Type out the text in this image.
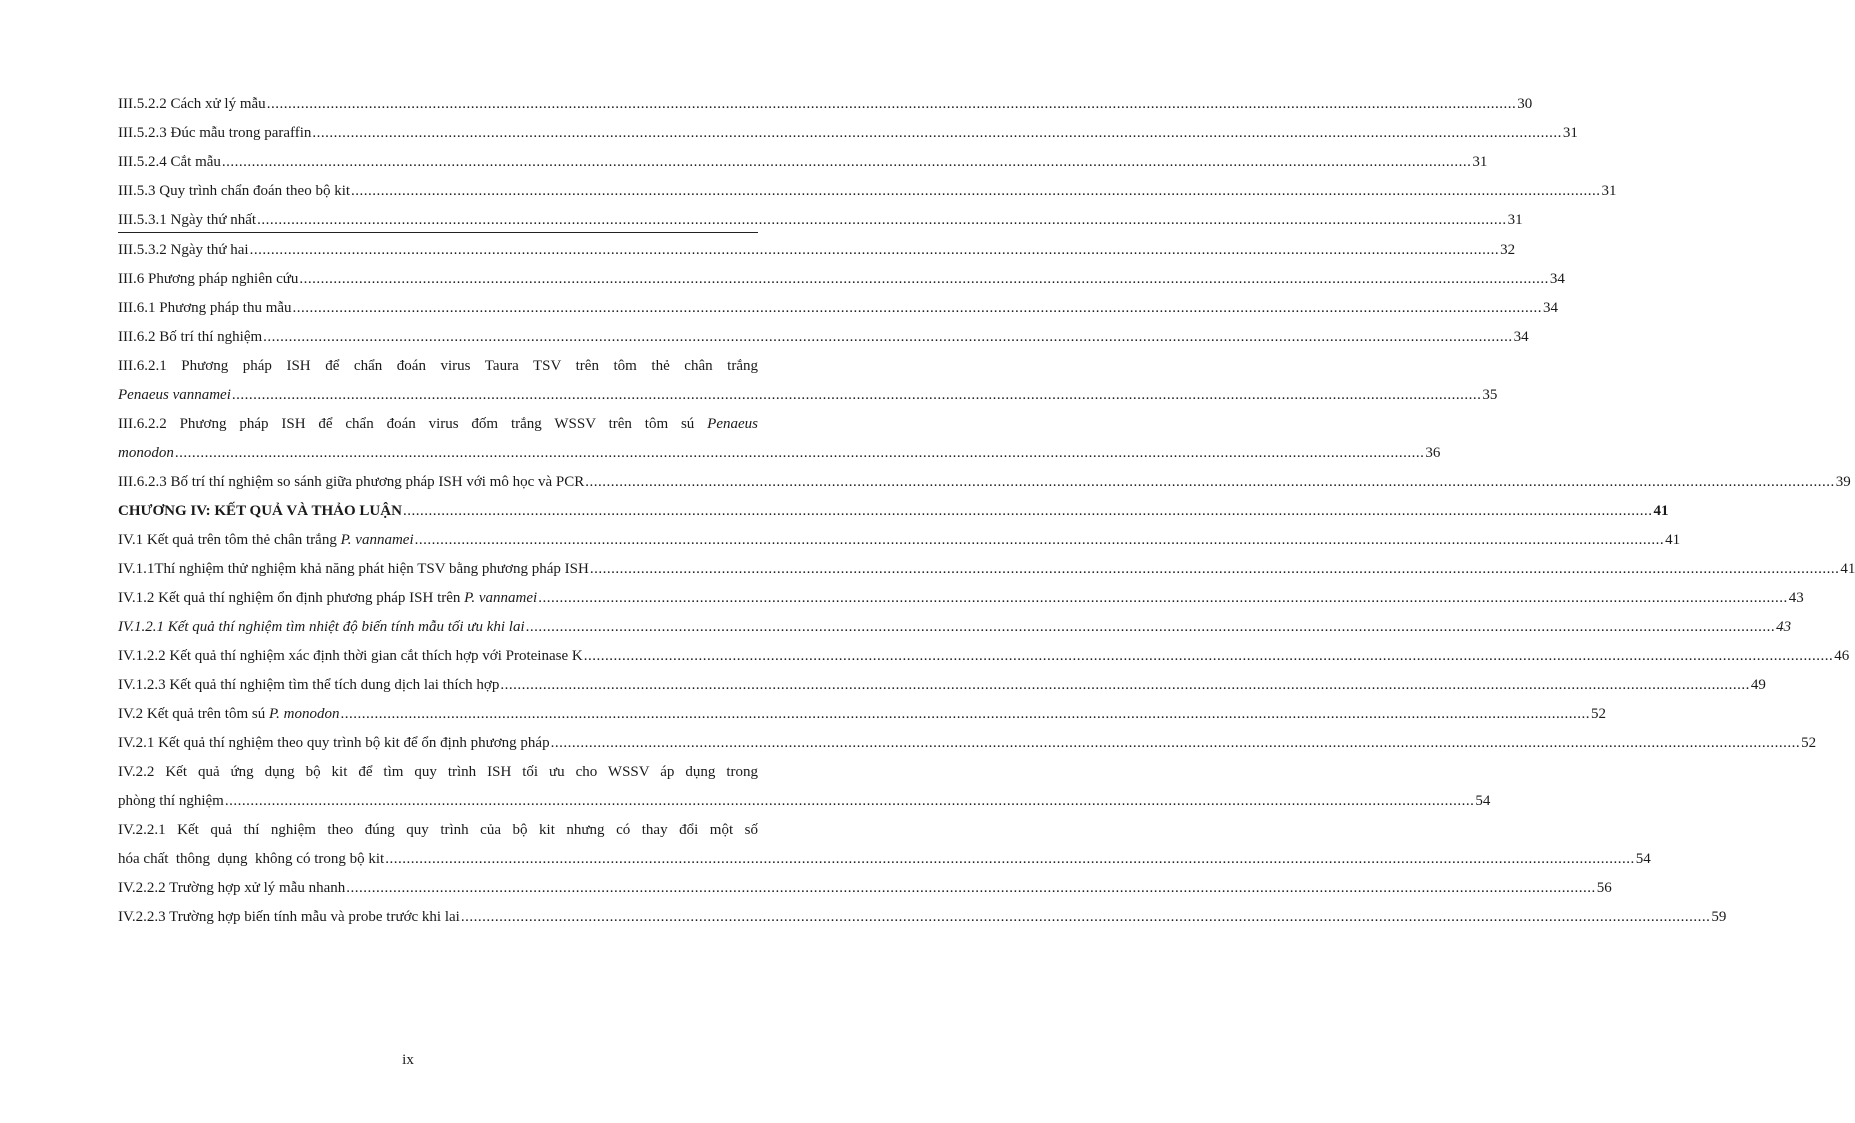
III.5.2.2 Cách xử lý mẫu .....	30
III.5.2.3 Đúc mẫu trong paraffin .....	31
III.5.2.4 Cắt mẫu .....	31
III.5.3 Quy trình chẩn đoán theo bộ kit .....	31
III.5.3.1 Ngày thứ nhất .....	31
III.5.3.2 Ngày thứ hai .....	32
III.6 Phương pháp nghiên cứu .....	34
III.6.1 Phương pháp thu mẫu .....	34
III.6.2 Bố trí thí nghiệm .....	34
III.6.2.1 Phương pháp ISH để chẩn đoán virus Taura TSV trên tôm thẻ chân trắng
Penaeus vannamei .....	35
III.6.2.2 Phương pháp ISH để chẩn đoán virus đốm trắng WSSV trên tôm sú Penaeus
monodon .....	36
III.6.2.3 Bố trí thí nghiệm so sánh giữa phương pháp ISH với mô học và PCR .....	39
CHƯƠNG IV: KẾT QUẢ VÀ THẢO LUẬN .....	41
IV.1 Kết quả trên tôm thẻ chân trắng P. vannamei .....	41
IV.1.1Thí nghiệm thử nghiệm khả năng phát hiện TSV bằng phương pháp ISH .....	41
IV.1.2 Kết quả thí nghiệm ổn định phương pháp ISH trên P. vannamei .....	43
IV.1.2.1 Kết quả thí nghiệm tìm nhiệt độ biến tính mẫu tối ưu khi lai .....	43
IV.1.2.2 Kết quả thí nghiệm xác định thời gian cắt thích hợp với Proteinase K .....	46
IV.1.2.3 Kết quả thí nghiệm tìm thể tích dung dịch lai thích hợp .....	49
IV.2 Kết quả trên tôm sú P. monodon .....	52
IV.2.1 Kết quả thí nghiệm theo quy trình bộ kit để ổn định phương pháp .....	52
IV.2.2 Kết quả ứng dụng bộ kit để tìm quy trình ISH tối ưu cho WSSV áp dụng trong
phòng thí nghiệm .....	54
IV.2.2.1 Kết quả thí nghiệm theo đúng quy trình của bộ kit nhưng có thay đổi một số
hóa chất  thông  dụng  không có trong bộ kit .....	54
IV.2.2.2 Trường hợp xử lý mẫu nhanh .....	56
IV.2.2.3 Trường hợp biến tính mẫu và probe trước khi lai .....	59
ix
